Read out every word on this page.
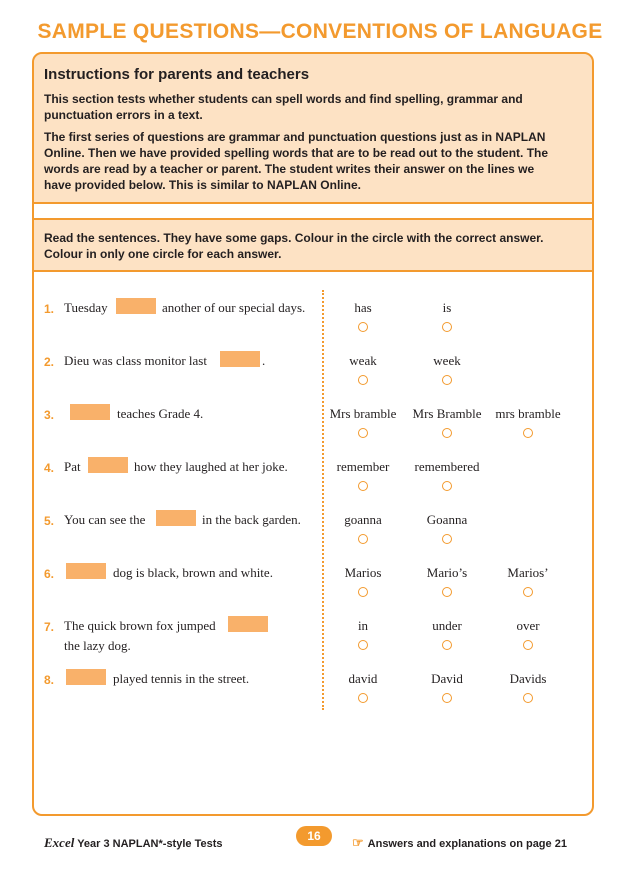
SAMPLE QUESTIONS—CONVENTIONS OF LANGUAGE
Instructions for parents and teachers
This section tests whether students can spell words and find spelling, grammar and
punctuation errors in a text.
The first series of questions are grammar and punctuation questions just as in NAPLAN
Online. Then we have provided spelling words that are to be read out to the student. The
words are read by a teacher or parent. The student writes their answer on the lines we
have provided below. This is similar to NAPLAN Online.
Read the sentences. They have some gaps. Colour in the circle with the correct answer.
Colour in only one circle for each answer.
1. Tuesday	another of our special days.	has	is
2. Dieu was class monitor last	.	weak	week
3.	teaches Grade 4.	Mrs bramble	Mrs Bramble	mrs bramble
4. Pat	how they laughed at her joke.	remember	remembered
5. You can see the	in the back garden.	goanna	Goanna
6.	dog is black, brown and white.	Marios	Mario’s	Marios’
7. The quick brown fox jumped
the lazy dog.
in	under	over
8.	played tennis in the street.	david	David	Davids
Excel Year 3 NAPLAN*-style Tests
16	☞ Answers and explanations on page 21
